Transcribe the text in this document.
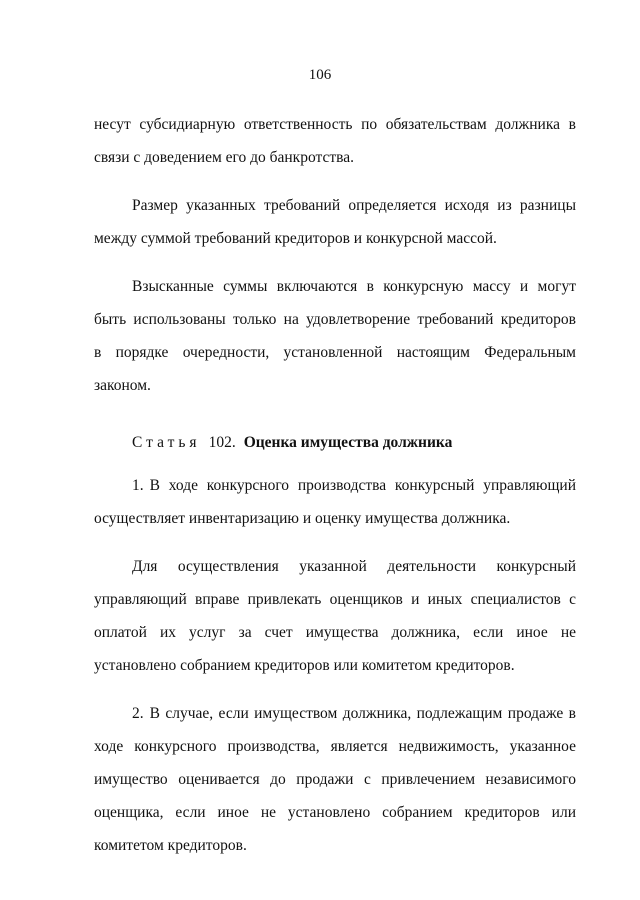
106
несут субсидиарную ответственность по обязательствам должника в
связи с доведением его до банкротства.
Размер указанных требований определяется исходя из разницы
между суммой требований кредиторов и конкурсной массой.
Взысканные суммы включаются в конкурсную массу и могут
быть использованы только на удовлетворение требований кредиторов
в порядке очередности, установленной настоящим Федеральным
законом.
Статья 102. Оценка имущества должника
1. В ходе конкурсного производства конкурсный управляющий
осуществляет инвентаризацию и оценку имущества должника.
Для осуществления указанной деятельности конкурсный
управляющий вправе привлекать оценщиков и иных специалистов с
оплатой их услуг за счет имущества должника, если иное не
установлено собранием кредиторов или комитетом кредиторов.
2. В случае, если имуществом должника, подлежащим продаже в
ходе конкурсного производства, является недвижимость, указанное
имущество оценивается до продажи с привлечением независимого
оценщика, если иное не установлено собранием кредиторов или
комитетом кредиторов.
